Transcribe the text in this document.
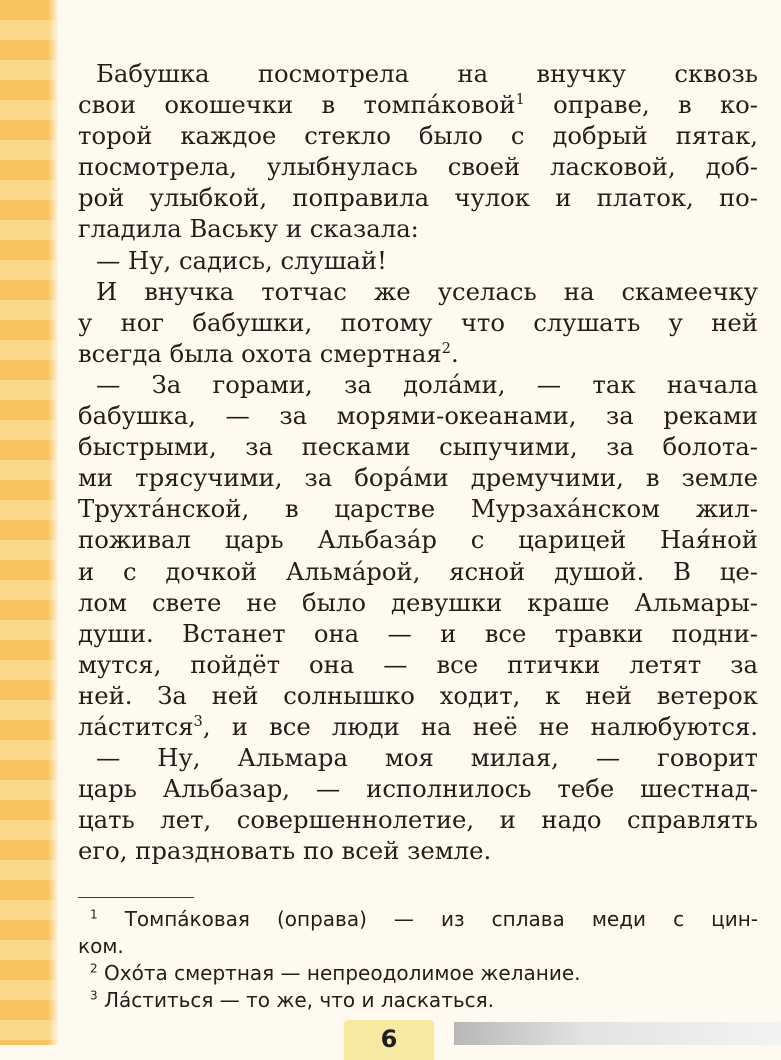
Бабушка посмотрела на внучку сквозь
свои окошечки в томпа́ковой$^1$ оправе, в ко-
торой каждое стекло было с добрый пятак,
посмотрела, улыбнулась своей ласковой, доб-
рой улыбкой, поправила чулок и платок, по-
гладила Ваську и сказала:
— Ну, садись, слушай!
И внучка тотчас же уселась на скамеечку
у ног бабушки, потому что слушать у ней
всегда была охота смертная$^2$.
— За горами, за дола́ми, — так начала
бабушка, — за морями-океанами, за реками
быстрыми, за песками сыпучими, за болота-
ми трясучими, за бора́ми дремучими, в земле
Трухта́нской, в царстве Мурзаха́нском жил-
поживал царь Альбаза́р с царицей Ная́ной
и с дочкой Альма́рой, ясной душой. В це-
лом свете не было девушки краше Альмары-
души. Встанет она — и все травки подни-
мутся, пойдёт она — все птички летят за
ней. За ней солнышко ходит, к ней ветерок
ла́стится$^3$, и все люди на неё не налюбуются.
— Ну, Альмара моя милая, — говорит
царь Альбазар, — исполнилось тебе шестнад-
цать лет, совершеннолетие, и надо справлять
его, праздновать по всей земле.
$^1$ Томпа́ковая (оправа) — из сплава меди с цин-
ком.
$^2$ Охо́та смертная — непреодолимое желание.
$^3$ Ла́ститься — то же, что и ласкаться.
6
